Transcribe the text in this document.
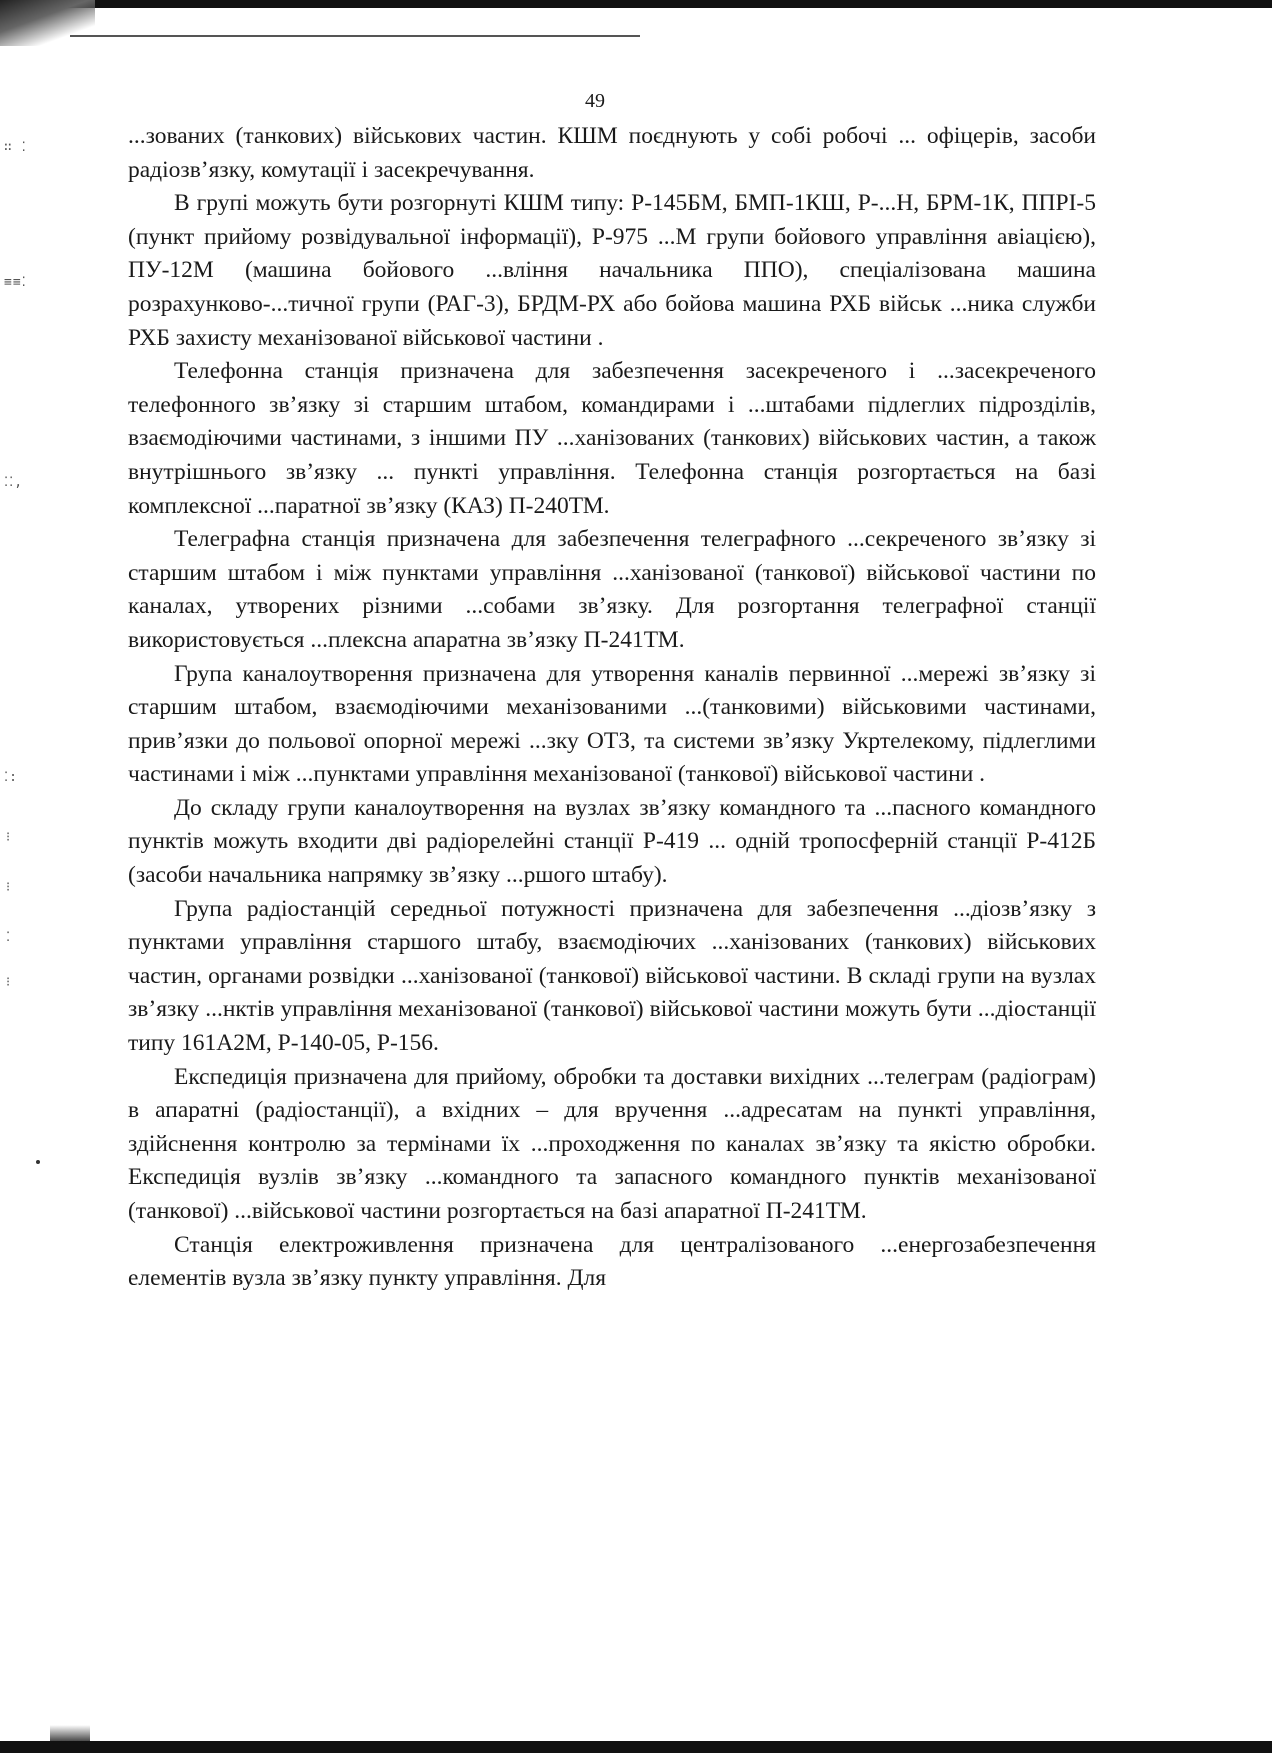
∷ ⁚
≡≡⁚
⁚⁚,
⁚:
⁝
⁝
⁚
⁝
49

...зованих (танкових) військових частин. КШМ поєднують у собі робочі ... офіцерів, засоби радіозв’язку, комутації і засекречування.

В групі можуть бути розгорнуті КШМ типу: Р-145БМ, БМП-1КШ, Р-...Н, БРМ-1К, ППРІ-5 (пункт прийому розвідувальної інформації), Р-975 ...М групи бойового управління авіацією), ПУ-12М (машина бойового ...вління начальника ППО), спеціалізована машина розрахунково-...тичної групи (РАГ-3), БРДМ-РХ або бойова машина РХБ військ ...ника служби РХБ захисту механізованої військової частини .

Телефонна станція призначена для забезпечення засекреченого і ...засекреченого телефонного зв’язку зі старшим штабом, командирами і ...штабами підлеглих підрозділів, взаємодіючими частинами, з іншими ПУ ...ханізованих (танкових) військових частин, а також внутрішнього зв’язку ... пункті управління. Телефонна станція розгортається на базі комплексної ...паратної зв’язку (КАЗ) П-240ТМ.

Телеграфна станція призначена для забезпечення телеграфного ...секреченого зв’язку зі старшим штабом і між пунктами управління ...ханізованої (танкової) військової частини по каналах, утворених різними ...собами зв’язку. Для розгортання телеграфної станції використовується ...плексна апаратна зв’язку П-241ТМ.

Група каналоутворення призначена для утворення каналів первинної ...мережі зв’язку зі старшим штабом, взаємодіючими механізованими ...(танковими) військовими частинами, прив’язки до польової опорної мережі ...зку ОТЗ, та системи зв’язку Укртелекому, підлеглими частинами і між ...пунктами управління механізованої (танкової) військової частини .

До складу групи каналоутворення на вузлах зв’язку командного та ...пасного командного пунктів можуть входити дві радіорелейні станції Р-419 ... одній тропосферній станції Р-412Б (засоби начальника напрямку зв’язку ...ршого штабу).

Група радіостанцій середньої потужності призначена для забезпечення ...діозв’язку з пунктами управління старшого штабу, взаємодіючих ...ханізованих (танкових) військових частин, органами розвідки ...ханізованої (танкової) військової частини. В складі групи на вузлах зв’язку ...нктів управління механізованої (танкової) військової частини можуть бути ...діостанції типу 161А2М, Р-140-05, Р-156.

Експедиція призначена для прийому, обробки та доставки вихідних ...телеграм (радіограм) в апаратні (радіостанції), а вхідних – для вручення ...адресатам на пункті управління, здійснення контролю за термінами їх ...проходження по каналах зв’язку та якістю обробки. Експедиція вузлів зв’язку ...командного та запасного командного пунктів механізованої (танкової) ...військової частини розгортається на базі апаратної П-241ТМ.

Станція електроживлення призначена для централізованого ...енергозабезпечення елементів вузла зв’язку пункту управління. Для
